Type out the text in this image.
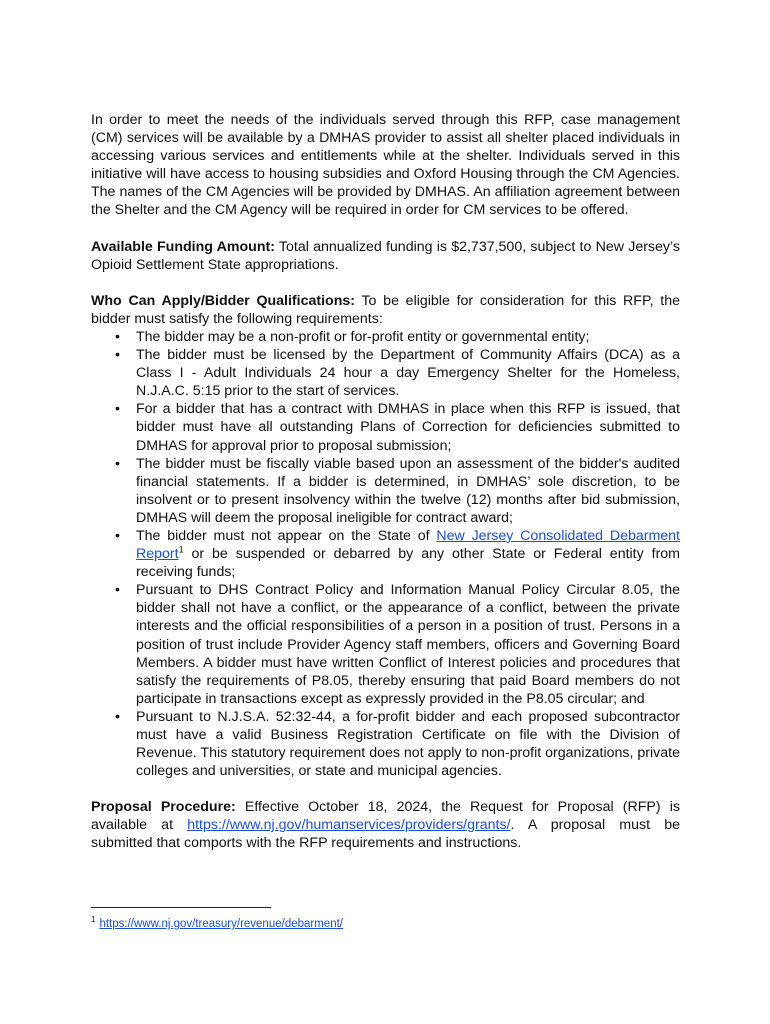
In order to meet the needs of the individuals served through this RFP, case management (CM) services will be available by a DMHAS provider to assist all shelter placed individuals in accessing various services and entitlements while at the shelter. Individuals served in this initiative will have access to housing subsidies and Oxford Housing through the CM Agencies. The names of the CM Agencies will be provided by DMHAS. An affiliation agreement between the Shelter and the CM Agency will be required in order for CM services to be offered.

Available Funding Amount: Total annualized funding is $2,737,500, subject to New Jersey’s Opioid Settlement State appropriations.

Who Can Apply/Bidder Qualifications: To be eligible for consideration for this RFP, the bidder must satisfy the following requirements:

• The bidder may be a non-profit or for-profit entity or governmental entity;
• The bidder must be licensed by the Department of Community Affairs (DCA) as a Class I - Adult Individuals 24 hour a day Emergency Shelter for the Homeless, N.J.A.C. 5:15 prior to the start of services.
• For a bidder that has a contract with DMHAS in place when this RFP is issued, that bidder must have all outstanding Plans of Correction for deficiencies submitted to DMHAS for approval prior to proposal submission;
• The bidder must be fiscally viable based upon an assessment of the bidder's audited financial statements. If a bidder is determined, in DMHAS’ sole discretion, to be insolvent or to present insolvency within the twelve (12) months after bid submission, DMHAS will deem the proposal ineligible for contract award;
• The bidder must not appear on the State of New Jersey Consolidated Debarment Report$^1$ or be suspended or debarred by any other State or Federal entity from receiving funds;
• Pursuant to DHS Contract Policy and Information Manual Policy Circular 8.05, the bidder shall not have a conflict, or the appearance of a conflict, between the private interests and the official responsibilities of a person in a position of trust. Persons in a position of trust include Provider Agency staff members, officers and Governing Board Members. A bidder must have written Conflict of Interest policies and procedures that satisfy the requirements of P8.05, thereby ensuring that paid Board members do not participate in transactions except as expressly provided in the P8.05 circular; and
• Pursuant to N.J.S.A. 52:32-44, a for-profit bidder and each proposed subcontractor must have a valid Business Registration Certificate on file with the Division of Revenue. This statutory requirement does not apply to non-profit organizations, private colleges and universities, or state and municipal agencies.

Proposal Procedure: Effective October 18, 2024, the Request for Proposal (RFP) is available at https://www.nj.gov/humanservices/providers/grants/. A proposal must be submitted that comports with the RFP requirements and instructions.

$^1$ https://www.nj.gov/treasury/revenue/debarment/
